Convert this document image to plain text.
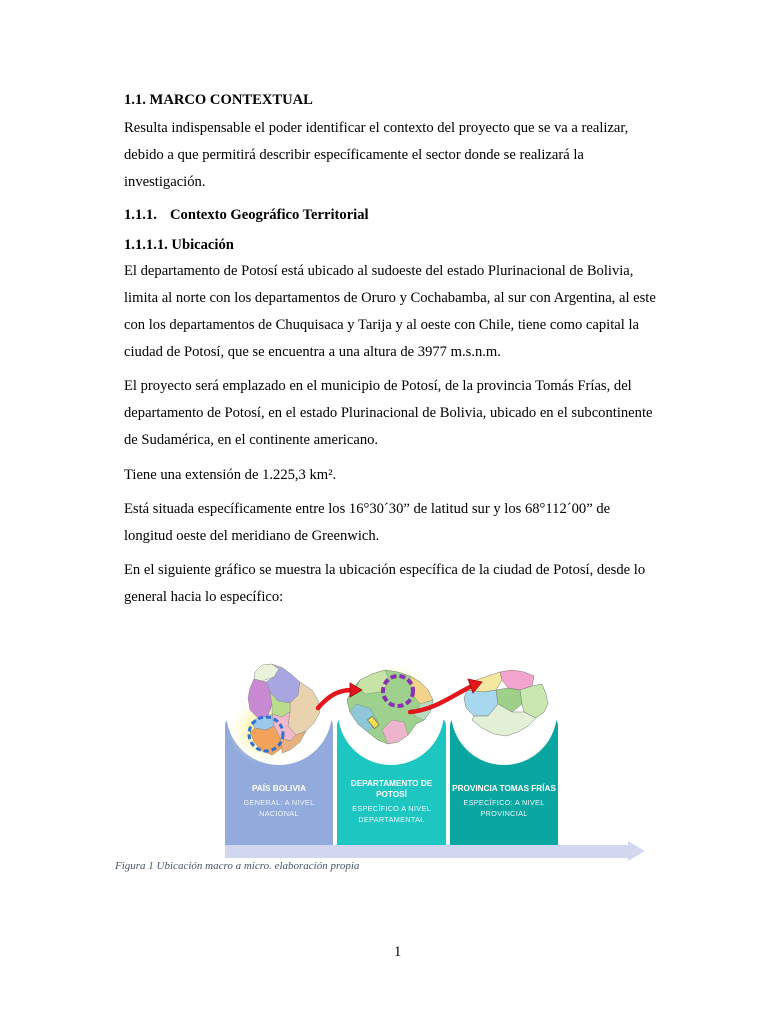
1.1. MARCO CONTEXTUAL
Resulta indispensable el poder identificar el contexto del proyecto que se va a realizar,
debido a que permitirá describir específicamente el sector donde se realizará la
investigación.
1.1.1. Contexto Geográfico Territorial
1.1.1.1. Ubicación
El departamento de Potosí está ubicado al sudoeste del estado Plurinacional de Bolivia,
limita al norte con los departamentos de Oruro y Cochabamba, al sur con Argentina, al este
con los departamentos de Chuquisaca y Tarija y al oeste con Chile, tiene como capital la
ciudad de Potosí, que se encuentra a una altura de 3977 m.s.n.m.
El proyecto será emplazado en el municipio de Potosí, de la provincia Tomás Frías, del
departamento de Potosí, en el estado Plurinacional de Bolivia, ubicado en el subcontinente
de Sudamérica, en el continente americano.
Tiene una extensión de 1.225,3 km².
Está situada específicamente entre los 16°30´30” de latitud sur y los 68°112´00” de
longitud oeste del meridiano de Greenwich.
En el siguiente gráfico se muestra la ubicación específica de la ciudad de Potosí, desde lo
general hacia lo específico:
PAÍS BOLIVIA
GENERAL: A NIVEL
NACIONAL
DEPARTAMENTO DE
POTOSÍ
ESPECÍFICO A NIVEL
DEPARTAMENTAL
PROVINCIA TOMAS FRÍAS
ESPECÍFICO: A NIVEL
PROVINCIAL
Figura 1 Ubicación macro a micro. elaboración propia
1
